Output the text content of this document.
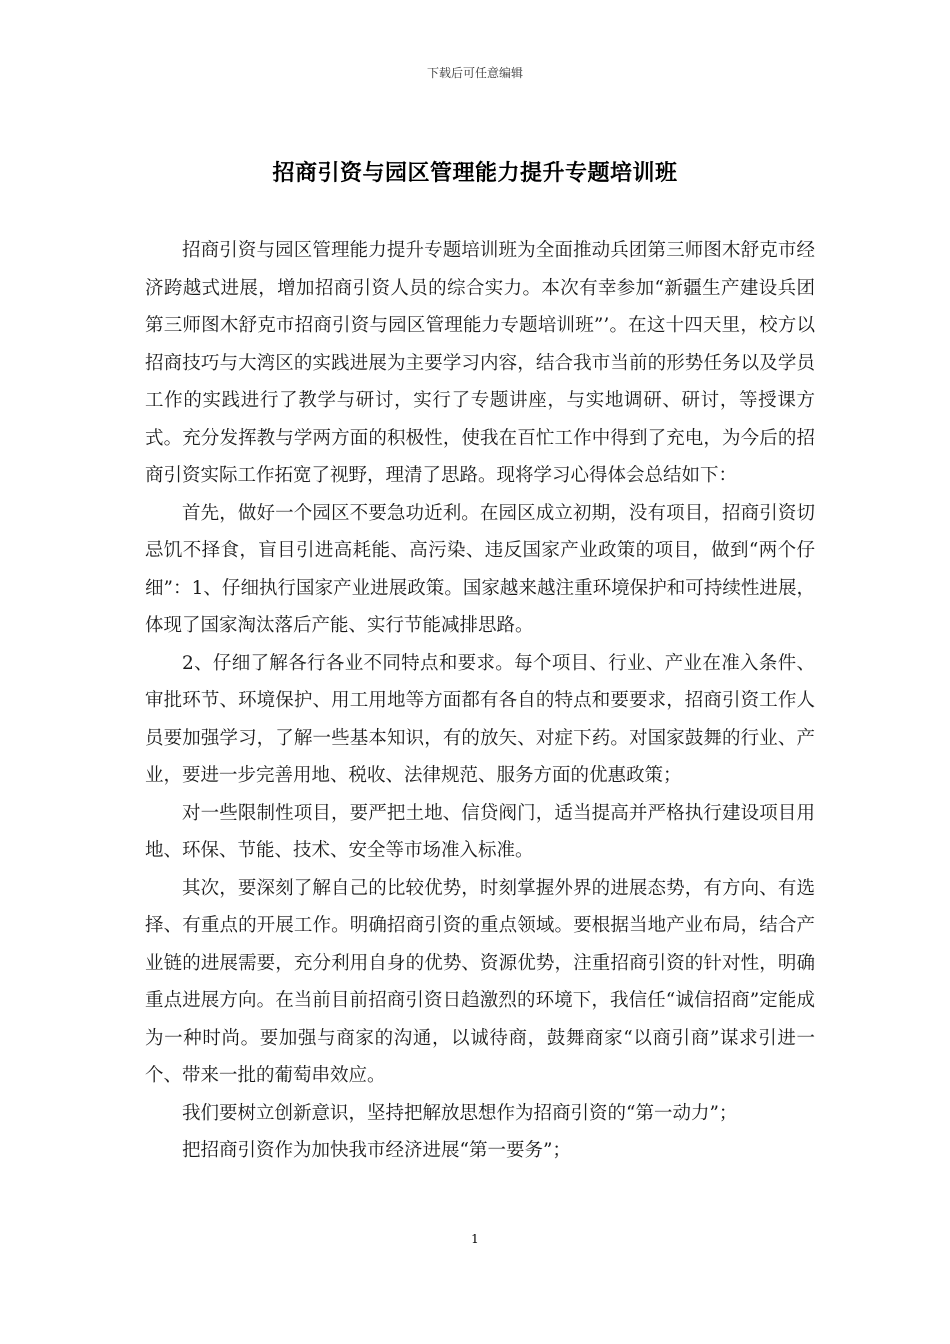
下载后可任意编辑
招商引资与园区管理能力提升专题培训班

招商引资与园区管理能力提升专题培训班为全面推动兵团第三师图木舒克市经济跨越式进展，增加招商引资人员的综合实力。本次有幸参加“新疆生产建设兵团第三师图木舒克市招商引资与园区管理能力专题培训班”’。在这十四天里，校方以招商技巧与大湾区的实践进展为主要学习内容，结合我市当前的形势任务以及学员工作的实践进行了教学与研讨，实行了专题讲座，与实地调研、研讨，等授课方式。充分发挥教与学两方面的积极性，使我在百忙工作中得到了充电，为今后的招商引资实际工作拓宽了视野，理清了思路。现将学习心得体会总结如下：

首先，做好一个园区不要急功近利。在园区成立初期，没有项目，招商引资切忌饥不择食，盲目引进高耗能、高污染、违反国家产业政策的项目，做到“两个仔细”：1、仔细执行国家产业进展政策。国家越来越注重环境保护和可持续性进展，体现了国家淘汰落后产能、实行节能减排思路。

2、仔细了解各行各业不同特点和要求。每个项目、行业、产业在准入条件、审批环节、环境保护、用工用地等方面都有各自的特点和要要求，招商引资工作人员要加强学习，了解一些基本知识，有的放矢、对症下药。对国家鼓舞的行业、产业，要进一步完善用地、税收、法律规范、服务方面的优惠政策；

对一些限制性项目，要严把土地、信贷阀门，适当提高并严格执行建设项目用地、环保、节能、技术、安全等市场准入标准。

其次，要深刻了解自己的比较优势，时刻掌握外界的进展态势，有方向、有选择、有重点的开展工作。明确招商引资的重点领域。要根据当地产业布局，结合产业链的进展需要，充分利用自身的优势、资源优势，注重招商引资的针对性，明确重点进展方向。在当前目前招商引资日趋激烈的环境下，我信任“诚信招商”定能成为一种时尚。要加强与商家的沟通，以诚待商，鼓舞商家“以商引商”谋求引进一个、带来一批的葡萄串效应。

我们要树立创新意识，坚持把解放思想作为招商引资的“第一动力”；

把招商引资作为加快我市经济进展“第一要务”；

1
